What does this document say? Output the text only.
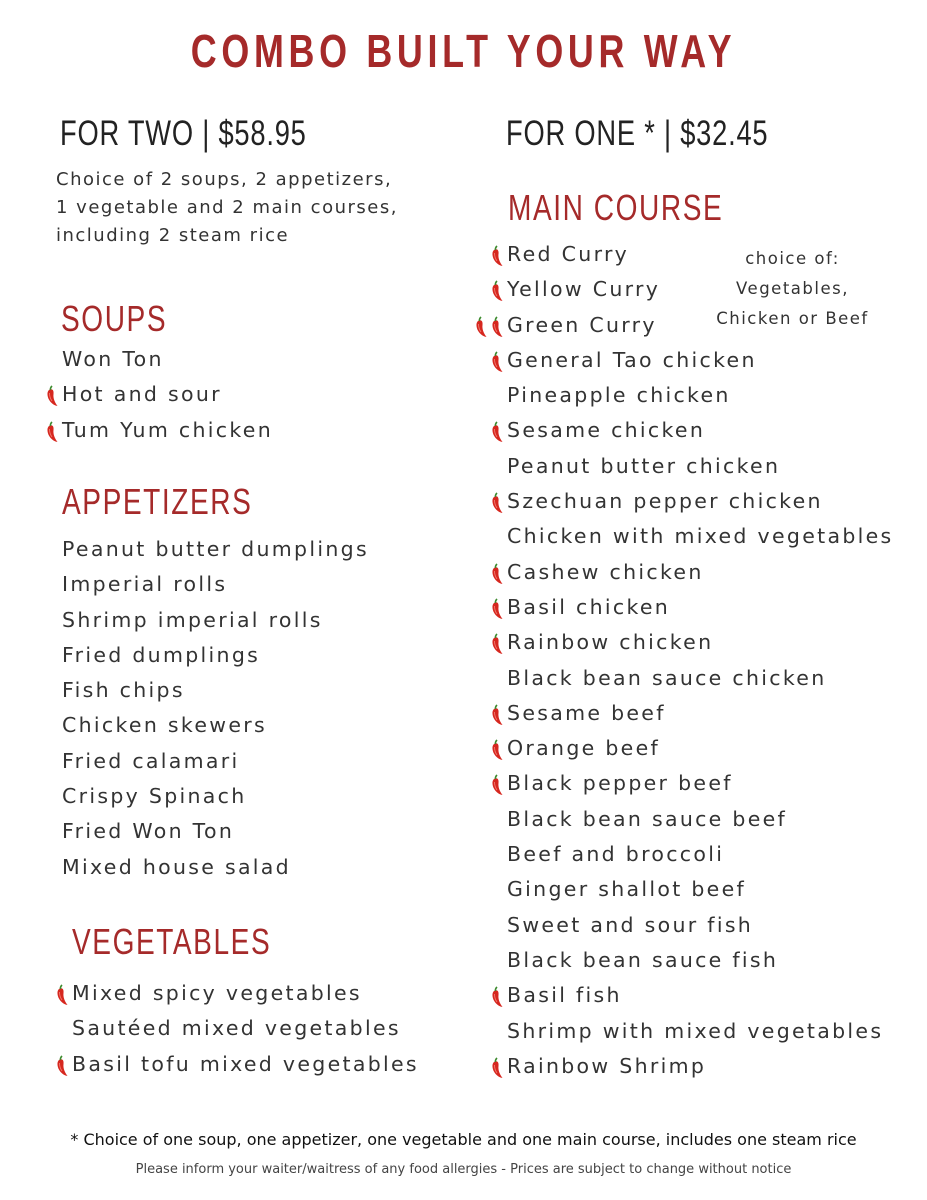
COMBO BUILT YOUR WAY
FOR TWO | $58.95
Choice of 2 soups, 2 appetizers,
1 vegetable and 2 main courses,
including 2 steam rice
FOR ONE * | $32.45
MAIN COURSE
choice of:
Vegetables,
Chicken or Beef
SOUPS
Won Ton
Hot and sour
Tum Yum chicken
APPETIZERS
Peanut butter dumplings
Imperial rolls
Shrimp imperial rolls
Fried dumplings
Fish chips
Chicken skewers
Fried calamari
Crispy Spinach
Fried Won Ton
Mixed house salad
VEGETABLES
Mixed spicy vegetables
Sautéed mixed vegetables
Basil tofu mixed vegetables
Red Curry
Yellow Curry
Green Curry
General Tao chicken
Pineapple chicken
Sesame chicken
Peanut butter chicken
Szechuan pepper chicken
Chicken with mixed vegetables
Cashew chicken
Basil chicken
Rainbow chicken
Black bean sauce chicken
Sesame beef
Orange beef
Black pepper beef
Black bean sauce beef
Beef and broccoli
Ginger shallot beef
Sweet and sour fish
Black bean sauce fish
Basil fish
Shrimp with mixed vegetables
Rainbow Shrimp
* Choice of one soup, one appetizer, one vegetable and one main course, includes one steam rice
Please inform your waiter/waitress of any food allergies - Prices are subject to change without notice
